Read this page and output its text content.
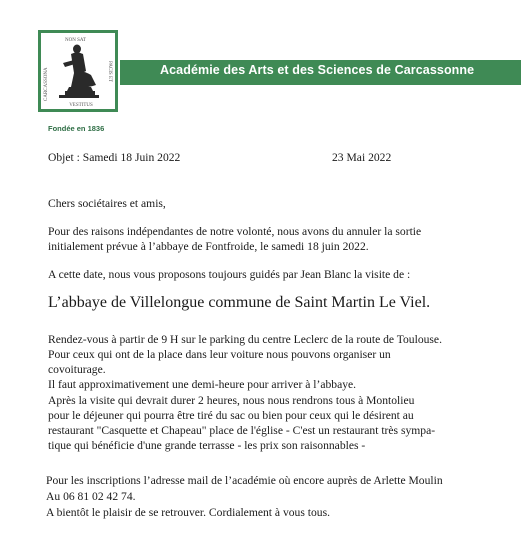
Académie des Arts et des Sciences de Carcassonne
NON SAT
VESTITUS
CARCASSONA	PACIS ET
Fondée en 1836
Objet : Samedi 18 Juin 2022	23 Mai 2022
Chers sociétaires et amis,
Pour des raisons indépendantes de notre volonté, nous avons du annuler la sortie
initialement prévue à l’abbaye de Fontfroide, le samedi 18 juin 2022.
A cette date, nous vous proposons toujours guidés par Jean Blanc la visite de :
L’abbaye de Villelongue commune de Saint Martin Le Viel.
Rendez-vous à partir de 9 H sur le parking du centre Leclerc de la route de Toulouse.
Pour ceux qui ont de la place dans leur voiture nous pouvons organiser un
covoiturage.
Il faut approximativement une demi-heure pour arriver à l’abbaye.
Après la visite qui devrait durer 2 heures, nous nous rendrons tous à Montolieu
pour le déjeuner qui pourra être tiré du sac ou bien pour ceux qui le désirent au
restaurant "Casquette et Chapeau" place de l'église - C'est un restaurant très sympa-
tique qui bénéficie d'une grande terrasse - les prix son raisonnables -
Pour les inscriptions l’adresse mail de l’académie où encore auprès de Arlette Moulin
Au 06 81 02 42 74.
A bientôt le plaisir de se retrouver. Cordialement à vous tous.
